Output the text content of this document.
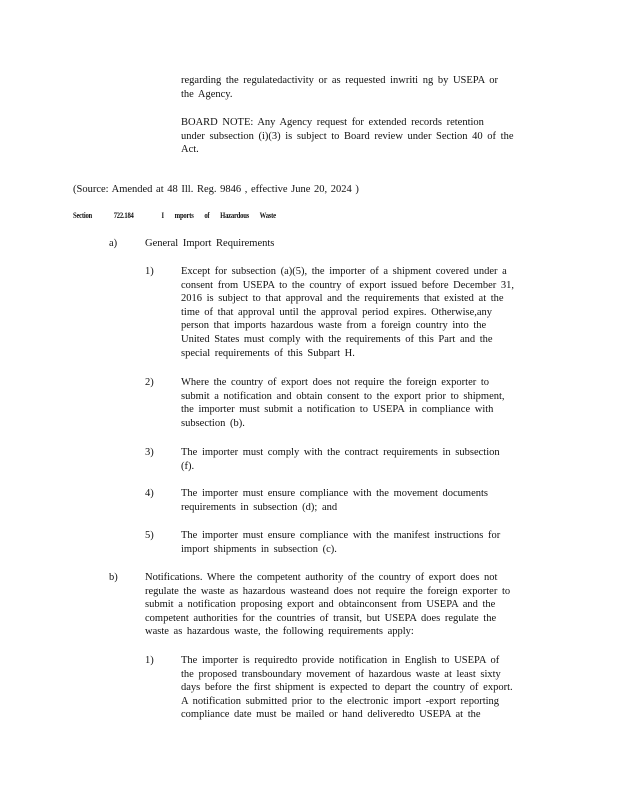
regarding the regulatedactivity or as requested inwriti ng by USEPA or
the Agency.
BOARD NOTE: Any Agency request for extended records retention
under subsection (i)(3) is subject to Board review under Section 40 of the
Act.
(Source: Amended at 48 Ill. Reg. 9846 , effective June 20, 2024 )
Section	722.184	I mports of Hazardous Waste
a)	General Import Requirements
1)	Except for subsection (a)(5), the importer of a shipment covered under a
consent from USEPA to the country of export issued before December 31,
2016 is subject to that approval and the requirements that existed at the
time of that approval until the approval period expires. Otherwise,any
person that imports hazardous waste from a foreign country into the
United States must comply with the requirements of this Part and the
special requirements of this Subpart H.
2)	Where the country of export does not require the foreign exporter to
submit a notification and obtain consent to the export prior to shipment,
the importer must submit a notification to USEPA in compliance with
subsection (b).
3)	The importer must comply with the contract requirements in subsection
(f).
4)	The importer must ensure compliance with the movement documents
requirements in subsection (d); and
5)	The importer must ensure compliance with the manifest instructions for
import shipments in subsection (c).
b)	Notifications. Where the competent authority of the country of export does not
regulate the waste as hazardous wasteand does not require the foreign exporter to
submit a notification proposing export and obtainconsent from USEPA and the
competent authorities for the countries of transit, but USEPA does regulate the
waste as hazardous waste, the following requirements apply:
1)	The importer is requiredto provide notification in English to USEPA of
the proposed transboundary movement of hazardous waste at least sixty
days before the first shipment is expected to depart the country of export.
A notification submitted prior to the electronic import -export reporting
compliance date must be mailed or hand deliveredto USEPA at the
